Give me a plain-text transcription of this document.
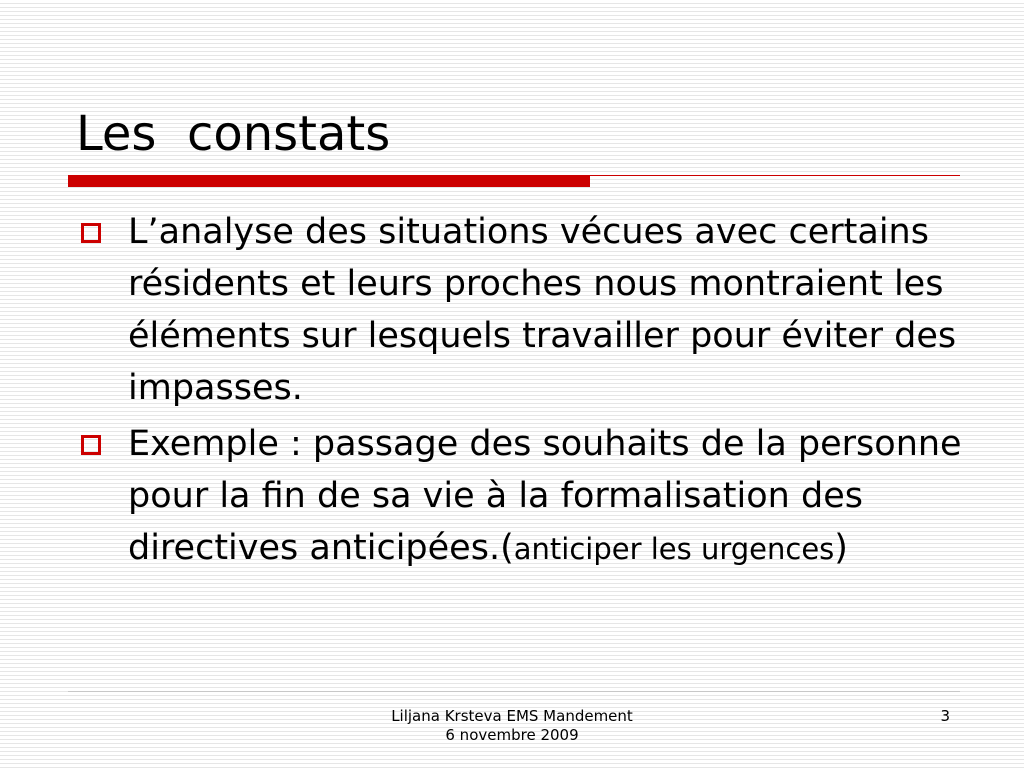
Les  constats
L’analyse des situations vécues avec certains résidents et leurs proches nous montraient les éléments sur lesquels travailler pour éviter des impasses.
Exemple : passage des souhaits de la personne pour la fin de sa vie à la formalisation des directives anticipées.(anticiper les urgences)
Liljana Krsteva EMS Mandement
6 novembre 2009
3
